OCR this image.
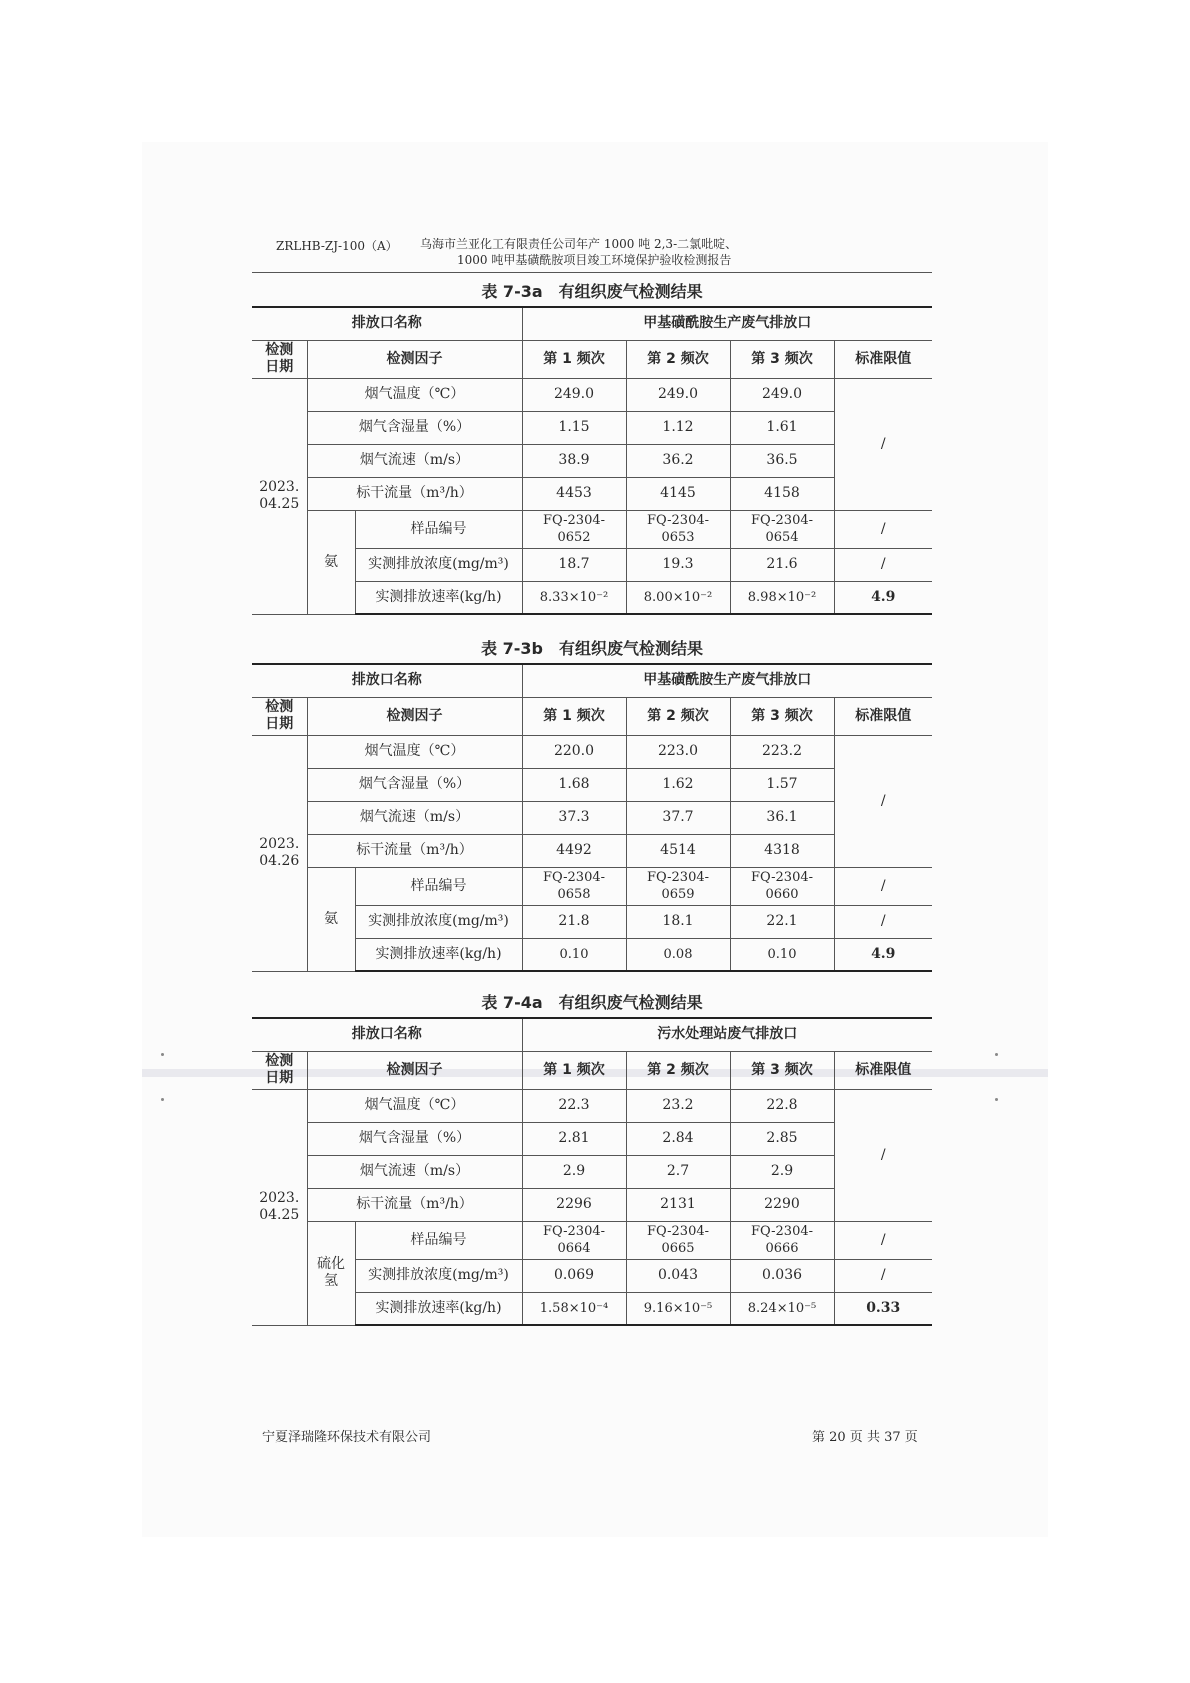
ZRLHB-ZJ-100（A） 乌海市兰亚化工有限责任公司年产 1000 吨 2,3-二氯吡啶、
1000 吨甲基磺酰胺项目竣工环境保护验收检测报告
表 7-3a　有组织废气检测结果
排放口名称			甲基磺酰胺生产废气排放口			
检测
日期	检测因子		第 1 频次	第 2 频次	第 3 频次	标准限值
2023.
04.25	烟气温度（℃）		249.0	249.0	249.0	/
	烟气含湿量（%）		1.15	1.12	1.61	
	烟气流速（m/s）		38.9	36.2	36.5	
	标干流量（m³/h）		4453	4145	4158	
	氨	样品编号	FQ-2304-
0652	FQ-2304-
0653	FQ-2304-
0654	/
		实测排放浓度(mg/m³)	18.7	19.3	21.6	/
		实测排放速率(kg/h)	8.33×10⁻²	8.00×10⁻²	8.98×10⁻²	4.9
表 7-3b　有组织废气检测结果
排放口名称			甲基磺酰胺生产废气排放口			
检测
日期	检测因子		第 1 频次	第 2 频次	第 3 频次	标准限值
2023.
04.26	烟气温度（℃）		220.0	223.0	223.2	/
	烟气含湿量（%）		1.68	1.62	1.57	
	烟气流速（m/s）		37.3	37.7	36.1	
	标干流量（m³/h）		4492	4514	4318	
	氨	样品编号	FQ-2304-
0658	FQ-2304-
0659	FQ-2304-
0660	/
		实测排放浓度(mg/m³)	21.8	18.1	22.1	/
		实测排放速率(kg/h)	0.10	0.08	0.10	4.9
表 7-4a　有组织废气检测结果
排放口名称			污水处理站废气排放口			
检测
日期	检测因子		第 1 频次	第 2 频次	第 3 频次	标准限值
2023.
04.25	烟气温度（℃）		22.3	23.2	22.8	/
	烟气含湿量（%）		2.81	2.84	2.85	
	烟气流速（m/s）		2.9	2.7	2.9	
	标干流量（m³/h）		2296	2131	2290	
	硫化
氢	样品编号	FQ-2304-
0664	FQ-2304-
0665	FQ-2304-
0666	/
		实测排放浓度(mg/m³)	0.069	0.043	0.036	/
		实测排放速率(kg/h)	1.58×10⁻⁴	9.16×10⁻⁵	8.24×10⁻⁵	0.33
宁夏泽瑞隆环保技术有限公司	第 20 页 共 37 页
